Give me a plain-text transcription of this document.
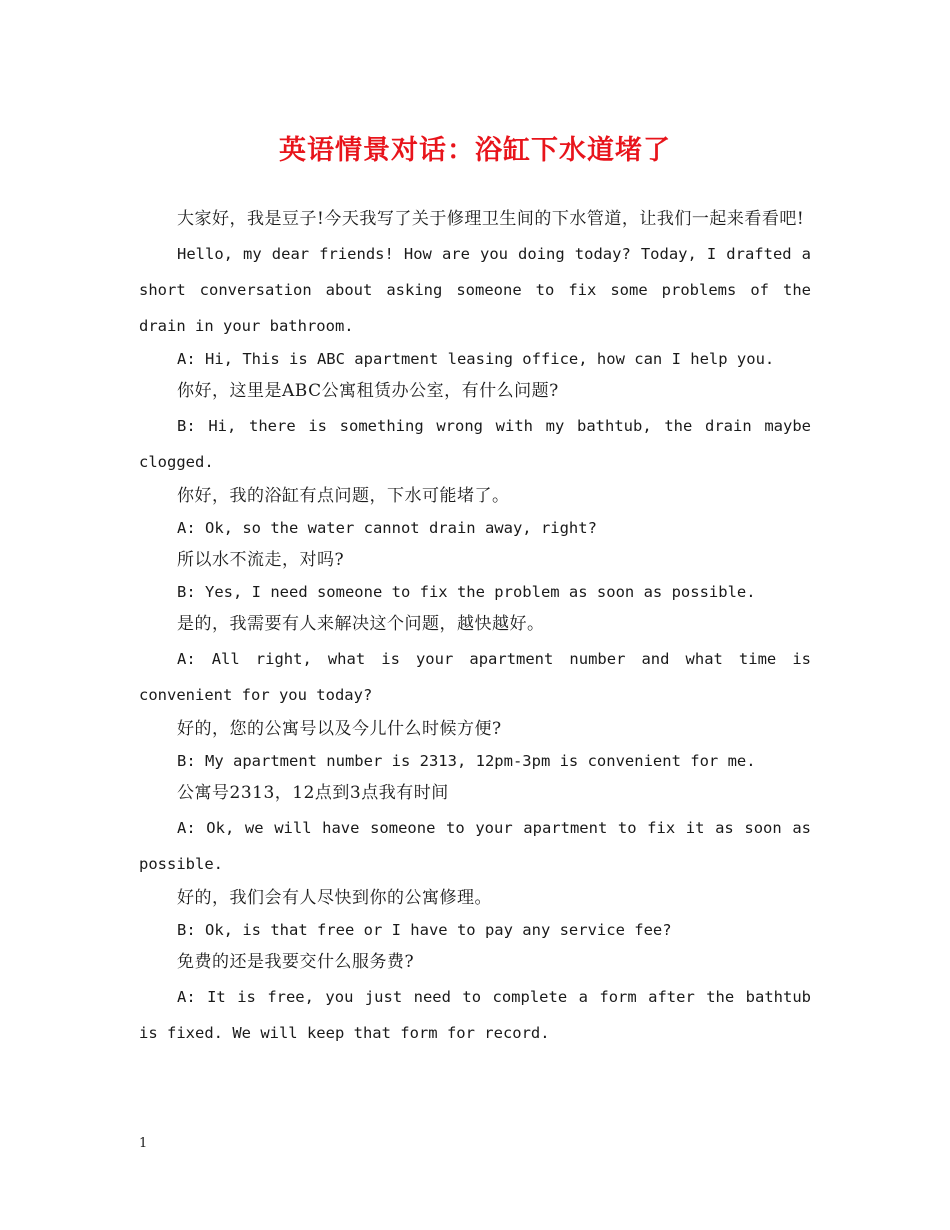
英语情景对话：浴缸下水道堵了

大家好，我是豆子!今天我写了关于修理卫生间的下水管道，让我们一起来看看吧!

Hello, my dear friends! How are you doing today? Today, I drafted a short conversation about asking someone to fix some problems of the drain in your bathroom.

A: Hi, This is ABC apartment leasing office, how can I help you.

你好，这里是ABC公寓租赁办公室，有什么问题?

B: Hi, there is something wrong with my bathtub, the drain maybe clogged.

你好，我的浴缸有点问题，下水可能堵了。

A: Ok, so the water cannot drain away, right?

所以水不流走，对吗?

B: Yes, I need someone to fix the problem as soon as possible.

是的，我需要有人来解决这个问题，越快越好。

A: All right, what is your apartment number and what time is convenient for you today?

好的，您的公寓号以及今儿什么时候方便?

B: My apartment number is 2313, 12pm-3pm is convenient for me.

公寓号2313，12点到3点我有时间

A: Ok, we will have someone to your apartment to fix it as soon as possible.

好的，我们会有人尽快到你的公寓修理。

B: Ok, is that free or I have to pay any service fee?

免费的还是我要交什么服务费?

A: It is free, you just need to complete a form after the bathtub is fixed. We will keep that form for record.

1
